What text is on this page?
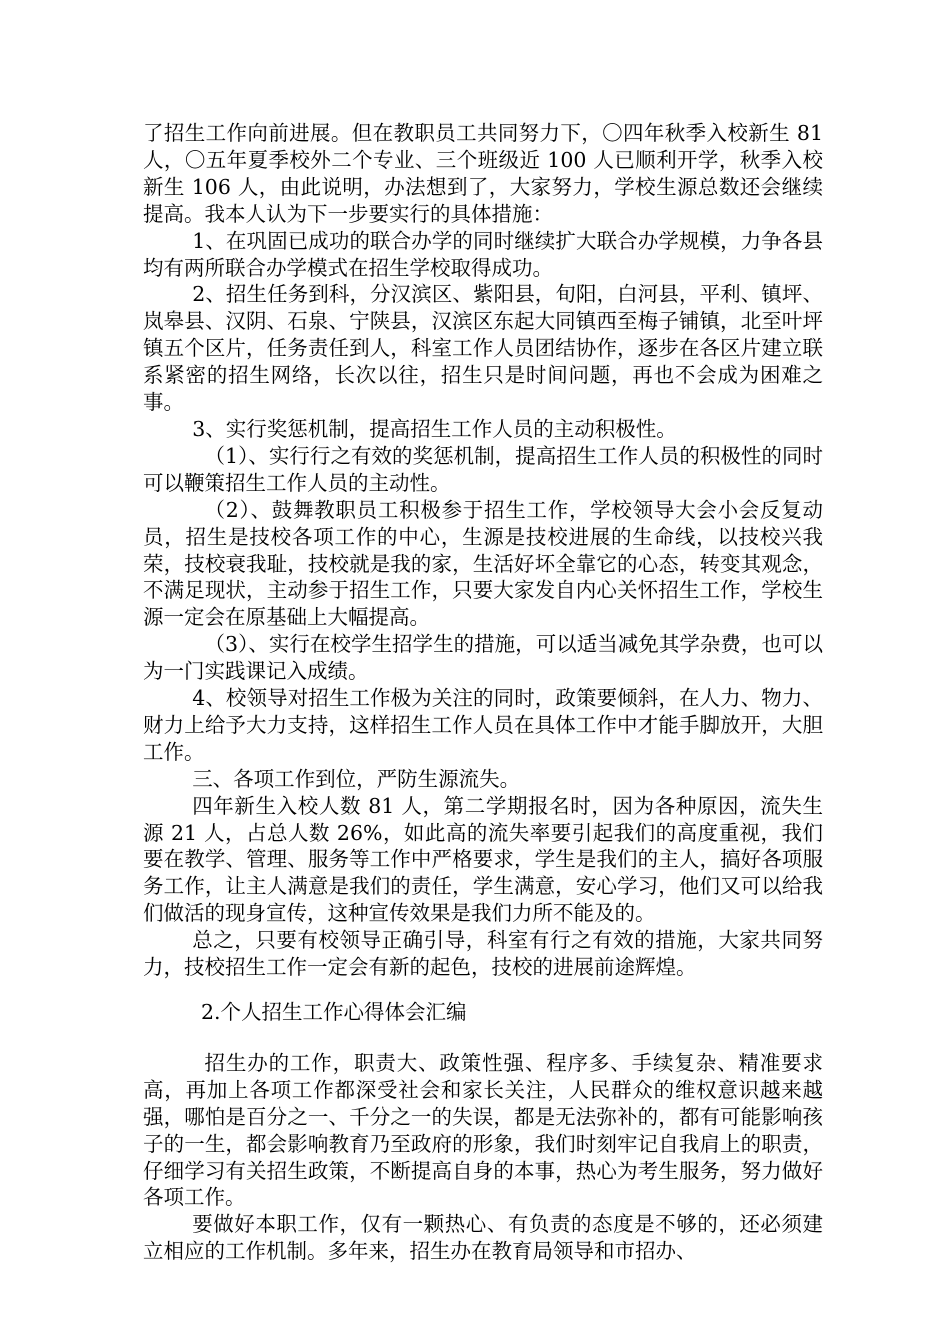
了招生工作向前进展。但在教职员工共同努力下，〇四年秋季入校新生 81 人，〇五年夏季校外二个专业、三个班级近 100 人已顺利开学，秋季入校新生 106 人，由此说明，办法想到了，大家努力，学校生源总数还会继续提高。我本人认为下一步要实行的具体措施：

1、在巩固已成功的联合办学的同时继续扩大联合办学规模，力争各县均有两所联合办学模式在招生学校取得成功。

2、招生任务到科，分汉滨区、紫阳县，旬阳，白河县，平利、镇坪、岚皋县、汉阴、石泉、宁陕县，汉滨区东起大同镇西至梅子铺镇，北至叶坪镇五个区片，任务责任到人，科室工作人员团结协作，逐步在各区片建立联系紧密的招生网络，长次以往，招生只是时间问题，再也不会成为困难之事。

3、实行奖惩机制，提高招生工作人员的主动积极性。

（1）、实行行之有效的奖惩机制，提高招生工作人员的积极性的同时可以鞭策招生工作人员的主动性。

（2）、鼓舞教职员工积极参于招生工作，学校领导大会小会反复动员，招生是技校各项工作的中心，生源是技校进展的生命线，以技校兴我荣，技校衰我耻，技校就是我的家，生活好坏全靠它的心态，转变其观念，不满足现状，主动参于招生工作，只要大家发自内心关怀招生工作，学校生源一定会在原基础上大幅提高。

（3）、实行在校学生招学生的措施，可以适当减免其学杂费，也可以为一门实践课记入成绩。

4、校领导对招生工作极为关注的同时，政策要倾斜，在人力、物力、财力上给予大力支持，这样招生工作人员在具体工作中才能手脚放开，大胆工作。

三、各项工作到位，严防生源流失。

四年新生入校人数 81 人，第二学期报名时，因为各种原因，流失生源 21 人，占总人数 26%，如此高的流失率要引起我们的高度重视，我们要在教学、管理、服务等工作中严格要求，学生是我们的主人，搞好各项服务工作，让主人满意是我们的责任，学生满意，安心学习，他们又可以给我们做活的现身宣传，这种宣传效果是我们力所不能及的。

总之，只要有校领导正确引导，科室有行之有效的措施，大家共同努力，技校招生工作一定会有新的起色，技校的进展前途辉煌。

2.个人招生工作心得体会汇编

招生办的工作，职责大、政策性强、程序多、手续复杂、精准要求高，再加上各项工作都深受社会和家长关注，人民群众的维权意识越来越强，哪怕是百分之一、千分之一的失误，都是无法弥补的，都有可能影响孩子的一生，都会影响教育乃至政府的形象，我们时刻牢记自我肩上的职责，仔细学习有关招生政策，不断提高自身的本事，热心为考生服务，努力做好各项工作。

要做好本职工作，仅有一颗热心、有负责的态度是不够的，还必须建立相应的工作机制。多年来，招生办在教育局领导和市招办、
